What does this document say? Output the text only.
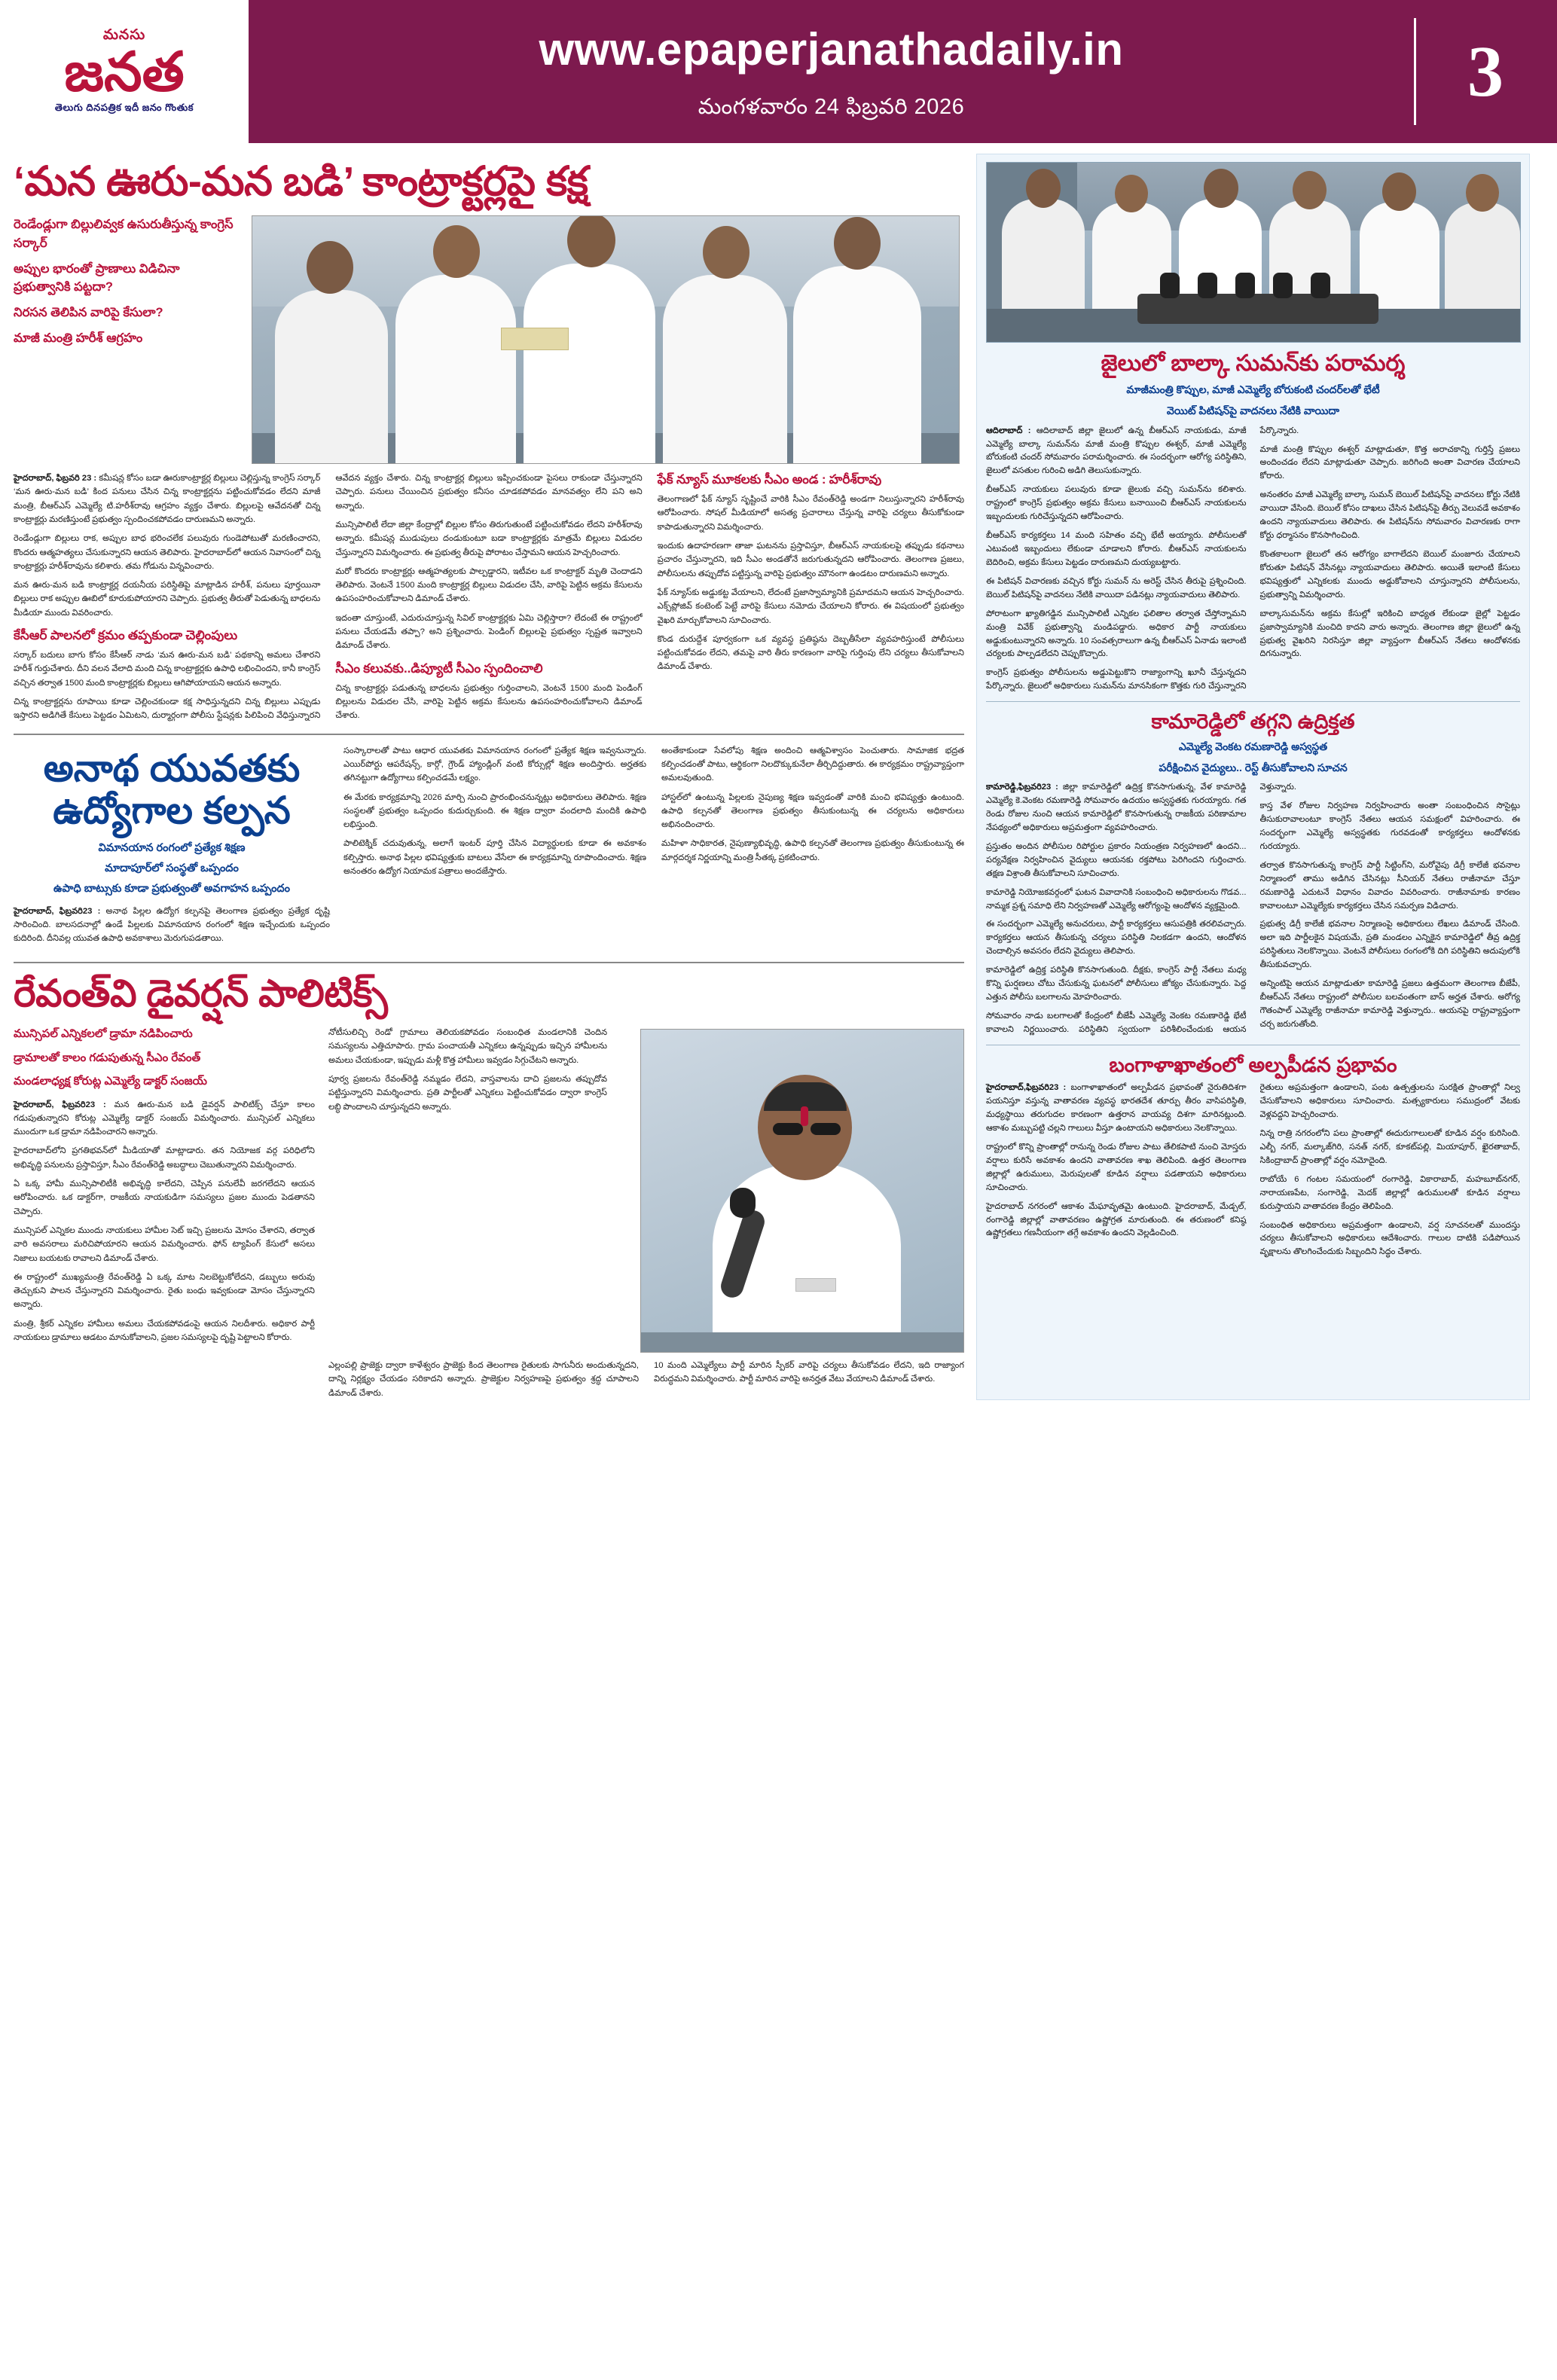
మనసు
జనత
తెలుగు దినపత్రిక ఇదీ జనం గొంతుక
www.epaperjanathadaily.in
మంగళవారం 24 ఫిబ్రవరి 2026	3
‘మన ఊరు-మన బడి’ కాంట్రాక్టర్లపై కక్ష
రెండేండ్లుగా బిల్లులివ్వక ఉసురుతీస్తున్న కాంగ్రెస్ సర్కార్
అప్పుల భారంతో ప్రాణాలు విడిచినా ప్రభుత్వానికి పట్టదా?
నిరసన తెలిపిన వారిపై కేసులా?
మాజీ మంత్రి హరీశ్ ఆగ్రహం

హైదరాబాద్, ఫిబ్రవరి 23 : కమీషన్ల కోసం బడా ఊరుకాంట్రాక్టర్ల బిల్లులు చెల్లిస్తున్న కాంగ్రెస్ సర్కార్ ‘మన ఊరు-మన బడి’ కింద పనులు చేసిన చిన్న కాంట్రాక్టర్లను పట్టించుకోవడం లేదని మాజీ మంత్రి, బీఆర్‌ఎస్ ఎమ్మెల్యే టి.హరీశ్‌రావు ఆగ్రహం వ్యక్తం చేశారు. బిల్లులపై ఆవేదనతో చిన్న కాంట్రాక్టర్లు మరణిస్తుంటే ప్రభుత్వం స్పందించకపోవడం దారుణమని అన్నారు.

రెండేండ్లుగా బిల్లులు రాక, అప్పుల బాధ భరించలేక పలువురు గుండెపోటుతో మరణించారని, కొందరు ఆత్మహత్యలు చేసుకున్నారని ఆయన తెలిపారు. హైదరాబాద్‌లో ఆయన నివాసంలో చిన్న కాంట్రాక్టర్లు హరీశ్‌రావును కలిశారు. తమ గోడును విన్నవించారు.

మన ఊరు-మన బడి కాంట్రాక్టర్ల దయనీయ పరిస్థితిపై మాట్లాడిన హరీశ్, పనులు పూర్తయినా బిల్లులు రాక అప్పుల ఊబిలో కూరుకుపోయారని చెప్పారు. ప్రభుత్వ తీరుతో పెడుతున్న బాధలను మీడియా ముందు వివరించారు.

కేసీఆర్ పాలనలో క్రమం తప్పకుండా చెల్లింపులు

సర్కార్ బదులు బాగు కోసం కేసీఆర్ నాడు ‘మన ఊరు-మన బడి’ పథకాన్ని అమలు చేశారని హరీశ్ గుర్తుచేశారు. దీని వలన వేలాది మంది చిన్న కాంట్రాక్టర్లకు ఉపాధి లభించిందని, కానీ కాంగ్రెస్ వచ్చిన తర్వాత 1500 మంది కాంట్రాక్టర్లకు బిల్లులు ఆగిపోయాయని ఆయన అన్నారు.

చిన్న కాంట్రాక్టర్లను రూపాయి కూడా చెల్లించకుండా కక్ష సాధిస్తున్నదని చిన్న బిల్లులు ఎప్పుడు ఇస్తారని అడిగితే కేసులు పెట్టడం ఏమిటని, దుర్మార్గంగా పోలీసు స్టేషన్లకు పిలిపించి వేధిస్తున్నారని ఆవేదన వ్యక్తం చేశారు. చిన్న కాంట్రాక్టర్ల బిల్లులు ఇప్పించకుండా పైసలు రాకుండా చేస్తున్నారని చెప్పారు. పనులు చేయించిన ప్రభుత్వం కనీసం చూడకపోవడం మానవత్వం లేని పని అని అన్నారు.

మున్సిపాలిటీ లేదా జిల్లా కేంద్రాల్లో బిల్లుల కోసం తిరుగుతుంటే పట్టించుకోవడం లేదని హరీశ్‌రావు అన్నారు. కమీషన్ల ముడుపులు దండుకుంటూ బడా కాంట్రాక్టర్లకు మాత్రమే బిల్లులు విడుదల చేస్తున్నారని విమర్శించారు. ఈ ప్రభుత్వ తీరుపై పోరాటం చేస్తామని ఆయన హెచ్చరించారు.

మరో కొందరు కాంట్రాక్టర్లు ఆత్మహత్యలకు పాల్పడ్డారని, ఇటీవల ఒక కాంట్రాక్టర్ మృతి చెందాడని తెలిపారు. వెంటనే 1500 మంది కాంట్రాక్టర్ల బిల్లులు విడుదల చేసి, వారిపై పెట్టిన అక్రమ కేసులను ఉపసంహరించుకోవాలని డిమాండ్ చేశారు.

ఇదంతా చూస్తుంటే, ఎదురుచూస్తున్న సివిల్ కాంట్రాక్టర్లకు ఏమి చెల్లిస్తారా? లేదంటే ఈ రాష్ట్రంలో పనులు చేయడమే తప్పా? అని ప్రశ్నించారు. పెండింగ్ బిల్లులపై ప్రభుత్వం స్పష్టత ఇవ్వాలని డిమాండ్ చేశారు.

సీఎం కలువకు..డిప్యూటీ సీఎం స్పందించాలి

చిన్న కాంట్రాక్టర్లు పడుతున్న బాధలను ప్రభుత్వం గుర్తించాలని, వెంటనే 1500 మంది పెండింగ్ బిల్లులను విడుదల చేసి, వారిపై పెట్టిన అక్రమ కేసులను ఉపసంహరించుకోవాలని డిమాండ్ చేశారు.

ఫేక్ న్యూస్ మూకలకు సీఎం అండ : హరీశ్‌రావు

తెలంగాణలో ఫేక్ న్యూస్ సృష్టించే వారికి సీఎం రేవంత్‌రెడ్డి అండగా నిలుస్తున్నారని హరీశ్‌రావు ఆరోపించారు. సోషల్ మీడియాలో అసత్య ప్రచారాలు చేస్తున్న వారిపై చర్యలు తీసుకోకుండా కాపాడుతున్నారని విమర్శించారు.

ఇందుకు ఉదాహరణగా తాజా ఘటనను ప్రస్తావిస్తూ, బీఆర్‌ఎస్ నాయకులపై తప్పుడు కథనాలు ప్రచారం చేస్తున్నారని, ఇది సీఎం అండతోనే జరుగుతున్నదని ఆరోపించారు. తెలంగాణ ప్రజలు, పోలీసులను తప్పుదోవ పట్టిస్తున్న వారిపై ప్రభుత్వం మౌనంగా ఉండటం దారుణమని అన్నారు.

ఫేక్ న్యూస్‌కు అడ్డుకట్ట వేయాలని, లేదంటే ప్రజాస్వామ్యానికి ప్రమాదమని ఆయన హెచ్చరించారు. ఎక్స్‌ప్లోజివ్ కంటెంట్ పెట్టే వారిపై కేసులు నమోదు చేయాలని కోరారు. ఈ విషయంలో ప్రభుత్వం వైఖరి మార్చుకోవాలని సూచించారు.

కొండ దురుద్దేశ పూర్వకంగా ఒక వ్యవస్థ ప్రతిష్ఠను దెబ్బతీసేలా వ్యవహరిస్తుంటే పోలీసులు పట్టించుకోవడం లేదని, తమపై వారి తీరు కారణంగా వారిపై గుర్తింపు లేని చర్యలు తీసుకోవాలని డిమాండ్ చేశారు.

అనాథ యువతకు ఉద్యోగాల కల్పన
విమానయాన రంగంలో ప్రత్యేక శిక్షణ
మాదాపూర్‌లో సంస్థతో ఒప్పందం
ఉపాధి బాట్సుకు కూడా ప్రభుత్వంతో అవగాహన ఒప్పందం

హైదరాబాద్, ఫిబ్రవరి23 : అనాథ పిల్లల ఉద్యోగ కల్పనపై తెలంగాణ ప్రభుత్వం ప్రత్యేక దృష్టి సారించింది. బాలసదనాల్లో ఉండే పిల్లలకు విమానయాన రంగంలో శిక్షణ ఇచ్చేందుకు ఒప్పందం కుదిరింది. దీనివల్ల యువత ఉపాధి అవకాశాలు మెరుగుపడతాయి.

సంస్కారాలతో పాటు ఆధార యువతకు విమానయాన రంగంలో ప్రత్యేక శిక్షణ ఇవ్వనున్నారు. ఎయిర్‌పోర్టు ఆపరేషన్స్, కార్గో, గ్రౌండ్ హ్యాండ్లింగ్ వంటి కోర్సుల్లో శిక్షణ అందిస్తారు. అర్హతకు తగినట్టుగా ఉద్యోగాలు కల్పించడమే లక్ష్యం.

ఈ మేరకు కార్యక్రమాన్ని 2026 మార్చి నుంచి ప్రారంభించనున్నట్లు అధికారులు తెలిపారు. శిక్షణ సంస్థలతో ప్రభుత్వం ఒప్పందం కుదుర్చుకుంది. ఈ శిక్షణ ద్వారా వందలాది మందికి ఉపాధి లభిస్తుంది.

పాలిటెక్నిక్ చదువుతున్న, అలాగే ఇంటర్ పూర్తి చేసిన విద్యార్థులకు కూడా ఈ అవకాశం కల్పిస్తారు. అనాథ పిల్లల భవిష్యత్తుకు బాటలు వేసేలా ఈ కార్యక్రమాన్ని రూపొందించారు. శిక్షణ అనంతరం ఉద్యోగ నియామక పత్రాలు అందజేస్తారు.

అంతేకాకుండా సేవలోపు శిక్షణ అందించి ఆత్మవిశ్వాసం పెంచుతారు. సామాజిక భద్రత కల్పించడంతో పాటు, ఆర్థికంగా నిలదొక్కుకునేలా తీర్చిదిద్దుతారు. ఈ కార్యక్రమం రాష్ట్రవ్యాప్తంగా అమలవుతుంది.

హాస్టల్‌లో ఉంటున్న పిల్లలకు నైపుణ్య శిక్షణ ఇవ్వడంతో వారికి మంచి భవిష్యత్తు ఉంటుంది. ఉపాధి కల్పనతో తెలంగాణ ప్రభుత్వం తీసుకుంటున్న ఈ చర్యలను అధికారులు అభినందించారు.

మహిళా సాధికారత, నైపుణ్యాభివృద్ధి, ఉపాధి కల్పనతో తెలంగాణ ప్రభుత్వం తీసుకుంటున్న ఈ మార్గదర్శక నిర్ణయాన్ని మంత్రి సీతక్క ప్రకటించారు.

రేవంత్‌వి డైవర్షన్ పాలిటిక్స్
మున్సిపల్ ఎన్నికలలో డ్రామా నడిపించారు
డ్రామాలతో కాలం గడుపుతున్న సీఎం రేవంత్
మండలాధ్యక్ష కోరుట్ల ఎమ్మెల్యే డాక్టర్ సంజయ్

హైదరాబాద్, ఫిబ్రవరి23 : మన ఊరు-మన బడి డైవర్షన్ పాలిటిక్స్ చేస్తూ కాలం గడుపుతున్నారని కోరుట్ల ఎమ్మెల్యే డాక్టర్ సంజయ్ విమర్శించారు. మున్సిపల్ ఎన్నికలు ముందుగా ఒక డ్రామా నడిపించారని అన్నారు.

హైదరాబాద్‌లోని ప్రగతిభవన్‌లో మీడియాతో మాట్లాడారు. తన నియోజక వర్గ పరిధిలోని అభివృద్ధి పనులను ప్రస్తావిస్తూ, సీఎం రేవంత్‌రెడ్డి అబద్ధాలు చెబుతున్నారని విమర్శించారు.

ఏ ఒక్క హామీ మున్సిపాలిటీకి అభివృద్ధి కాలేదని, చెప్పిన పనులేవీ జరగలేదని ఆయన ఆరోపించారు. ఒక డాక్టర్‌గా, రాజకీయ నాయకుడిగా సమస్యలు ప్రజల ముందు పెడతానని చెప్పారు.

మున్సిపల్ ఎన్నికల ముందు నాయకులు హామీల సెట్ ఇచ్చి ప్రజలను మోసం చేశారని, తర్వాత వారి అవసరాలు మరిచిపోయారని ఆయన విమర్శించారు. ఫోన్ ట్యాపింగ్ కేసులో అసలు నిజాలు బయటకు రావాలని డిమాండ్ చేశారు.

ఈ రాష్ట్రంలో ముఖ్యమంత్రి రేవంత్‌రెడ్డి ఏ ఒక్క మాట నిలబెట్టుకోలేదని, డబ్బులు అరువు తెచ్చుకుని పాలన చేస్తున్నారని విమర్శించారు. రైతు బంధు ఇవ్వకుండా మోసం చేస్తున్నారని అన్నారు.

మంత్రి, శ్రీకర్ ఎన్నికల హామీలు అమలు చేయకపోవడంపై ఆయన నిలదీశారు. అధికార పార్టీ నాయకులు డ్రామాలు ఆడటం మానుకోవాలని, ప్రజల సమస్యలపై దృష్టి పెట్టాలని కోరారు.

నోటీసులిచ్చి రెండో గ్రామాలు తెలియకపోవడం సంబంధిత మండలానికి చెందిన సమస్యలను ఎత్తిచూపారు. గ్రామ పంచాయతీ ఎన్నికలు ఉన్నప్పుడు ఇచ్చిన హామీలను అమలు చేయకుండా, ఇప్పుడు మళ్లీ కొత్త హామీలు ఇవ్వడం సిగ్గుచేటని అన్నారు.

పూర్వ ప్రజలను రేవంత్‌రెడ్డి నమ్మడం లేదని, వాస్తవాలను దాచి ప్రజలను తప్పుదోవ పట్టిస్తున్నారని విమర్శించారు. ప్రతి పార్టీలతో ఎన్నికలు పెట్టించుకోవడం ద్వారా కాంగ్రెస్ లబ్ధి పొందాలని చూస్తున్నదని అన్నారు.

ఎల్లంపల్లి ప్రాజెక్టు ద్వారా కాళేశ్వరం ప్రాజెక్టు కింద తెలంగాణ రైతులకు సాగునీరు అందుతున్నదని, దాన్ని నిర్లక్ష్యం చేయడం సరికాదని అన్నారు. ప్రాజెక్టుల నిర్వహణపై ప్రభుత్వం శ్రద్ధ చూపాలని డిమాండ్ చేశారు.

10 మంది ఎమ్మెల్యేలు పార్టీ మారిన స్పీకర్ వారిపై చర్యలు తీసుకోవడం లేదని, ఇది రాజ్యాంగ విరుద్ధమని విమర్శించారు. పార్టీ మారిన వారిపై అనర్హత వేటు వేయాలని డిమాండ్ చేశారు.

జైలులో బాల్కా సుమన్‌కు పరామర్శ
మాజీమంత్రి కొప్పుల, మాజీ ఎమ్మెల్యే బోరుకంటి చందర్‌లతో భేటీ
వెయిట్ పిటిషన్‌పై వాదనలు నేటికి వాయిదా

ఆదిలాబాద్ : ఆదిలాబాద్ జిల్లా జైలులో ఉన్న బీఆర్‌ఎస్ నాయకుడు, మాజీ ఎమ్మెల్యే బాల్కా సుమన్‌ను మాజీ మంత్రి కొప్పుల ఈశ్వర్, మాజీ ఎమ్మెల్యే బోరుకంటి చందర్ సోమవారం పరామర్శించారు. ఈ సందర్భంగా ఆరోగ్య పరిస్థితిని, జైలులో వసతుల గురించి అడిగి తెలుసుకున్నారు.

బీఆర్‌ఎస్ నాయకులు పలువురు కూడా జైలుకు వచ్చి సుమన్‌ను కలిశారు. రాష్ట్రంలో కాంగ్రెస్ ప్రభుత్వం అక్రమ కేసులు బనాయించి బీఆర్‌ఎస్ నాయకులను ఇబ్బందులకు గురిచేస్తున్నదని ఆరోపించారు.

బీఆర్‌ఎస్ కార్యకర్తలు 14 మంది సహితం వచ్చి భేటీ అయ్యారు. పోలీసులతో ఎటువంటి ఇబ్బందులు లేకుండా చూడాలని కోరారు. బీఆర్‌ఎస్ నాయకులను బెదిరించి, అక్రమ కేసులు పెట్టడం దారుణమని దుయ్యబట్టారు.

ఈ పిటిషన్ విచారణకు వచ్చిన కోర్టు సుమన్ ను అరెస్ట్ చేసిన తీరుపై ప్రశ్నించింది. బెయిల్ పిటిషన్‌పై వాదనలు నేటికి వాయిదా పడినట్లు న్యాయవాదులు తెలిపారు.

పోరాటంగా ఖ్యాతిగడ్డిన మున్సిపాలిటీ ఎన్నికల ఫలితాల తర్వాత చేస్తోన్నామని మంత్రి వివేక్ ప్రభుత్వాన్ని మండిపడ్డారు. అధికార పార్టీ నాయకులు అడ్డుకుంటున్నారని అన్నారు. 10 సంవత్సరాలుగా ఉన్న బీఆర్‌ఎస్ ఏనాడు ఇలాంటి చర్యలకు పాల్పడలేదని చెప్పుకొచ్చారు.

కాంగ్రెస్ ప్రభుత్వం పోలీసులను అడ్డుపెట్టుకొని రాజ్యాంగాన్ని ఖూనీ చేస్తున్నదని పేర్కొన్నారు. జైలులో అధికారులు సుమన్‌ను మానసికంగా కొత్తకు గురి చేస్తున్నారని పేర్కొన్నారు.

మాజీ మంత్రి కొప్పుల ఈశ్వర్ మాట్లాడుతూ, కొత్త అరాచకాన్ని గుర్తిస్తే ప్రజలు అందించడం లేదని మాట్లాడుతూ చెప్పారు. జరిగింది అంతా విచారణ చేయాలని కోరారు.

అనంతరం మాజీ ఎమ్మెల్యే బాల్కా సుమన్ బెయిల్ పిటిషన్‌పై వాదనలు కోర్టు నేటికి వాయిదా వేసింది. బెయిల్ కోసం దాఖలు చేసిన పిటిషన్‌పై తీర్పు వెలువడే అవకాశం ఉందని న్యాయవాదులు తెలిపారు. ఈ పిటిషన్‌ను సోమవారం విచారణకు రాగా కోర్టు ధర్మాసనం కొనసాగించింది.

కొంతకాలంగా జైలులో తన ఆరోగ్యం బాగాలేదని బెయిల్ మంజూరు చేయాలని కోరుతూ పిటిషన్ వేసినట్లు న్యాయవాదులు తెలిపారు. అయితే ఇలాంటి కేసులు భవిష్యత్తులో ఎన్నికలకు ముందు అడ్డుకోవాలని చూస్తున్నారని పోలీసులను, ప్రభుత్వాన్ని విమర్శించారు.

బాల్కాసుమన్‌ను అక్రమ కేసుల్లో ఇరికించి బాధ్యత లేకుండా జైల్లో పెట్టడం ప్రజాస్వామ్యానికి మంచిది కాదని వారు అన్నారు. తెలంగాణ జిల్లా జైలులో ఉన్న ప్రభుత్వ వైఖరిని నిరసిస్తూ జిల్లా వ్యాప్తంగా బీఆర్‌ఎస్ నేతలు ఆందోళనకు దిగనున్నారు.

కామారెడ్డిలో తగ్గని ఉద్రిక్తత
ఎమ్మెల్యే వెంకట రమణారెడ్డి అస్వస్థత
పరీక్షించిన వైద్యులు.. రెస్ట్ తీసుకోవాలని సూచన

కామారెడ్డి,ఫిబ్రవరి23 : జిల్లా కామారెడ్డిలో ఉద్రిక్త కొనసాగుతున్న, వేళ కామారెడ్డి ఎమ్మెల్యే కె.వెంకట రమణారెడ్డి సోమవారం ఉదయం అస్వస్థతకు గురయ్యారు. గత రెండు రోజుల నుంచి ఆయన కామారెడ్డిలో కొనసాగుతున్న రాజకీయ పరిణామాల నేపథ్యంలో అధికారులు అప్రమత్తంగా వ్యవహరించారు.

ప్రస్తుతం అందిన పోలీసుల రిపోర్టుల ప్రకారం నియంత్రణ నిర్వహణలో ఉందని... పర్యవేక్షణ నిర్వహించిన వైద్యులు ఆయనకు రక్తపోటు పెరిగిందని గుర్తించారు. తక్షణ విశ్రాంతి తీసుకోవాలని సూచించారు.

కామారెడ్డి నియోజకవర్గంలో ఘటన వివాదానికి సంబంధించి అధికారులను గొడవ... నామ్మక ప్రశ్న సమాధి లేని నిర్వహణతో ఎమ్మెల్యే ఆరోగ్యంపై ఆందోళన వ్యక్తమైంది.

ఈ సందర్భంగా ఎమ్మెల్యే అనుచరులు, పార్టీ కార్యకర్తలు ఆసుపత్రికి తరలివచ్చారు. కార్యకర్తలు ఆయన తీసుకున్న చర్యలు పరిస్థితి నిలకడగా ఉందని, ఆందోళన చెందాల్సిన అవసరం లేదని వైద్యులు తెలిపారు.

కామారెడ్డిలో ఉద్రిక్త పరిస్థితి కొనసాగుతుంది. దీక్షకు, కాంగ్రెస్ పార్టీ నేతలు మధ్య కొన్ని ఘర్షణలు చోటు చేసుకున్న ఘటనలో పోలీసులు జోక్యం చేసుకున్నారు. పెద్ద ఎత్తున పోలీసు బలగాలను మోహరించారు.

సోమవారం నాడు బలగాలతో కేంద్రంలో బీజేపీ ఎమ్మెల్యే వెంకట రమణారెడ్డి భేటీ కావాలని నిర్ణయించారు. పరిస్థితిని స్వయంగా పరిశీలించేందుకు ఆయన వెళ్తున్నారు.

కాస్త వేళ రోజుల నిర్వహణ నిర్వహించారు అంతా సంబంధించిన సొసైట్లు తీసుకురావాలంటూ కాంగ్రెస్ నేతలు ఆయన సమక్షంలో విహరించారు. ఈ సందర్భంగా ఎమ్మెల్యే అస్వస్థతకు గురవడంతో కార్యకర్తలు ఆందోళనకు గురయ్యారు.

తర్వాత కొనసాగుతున్న కాంగ్రెస్ పార్టీ సిట్టింగ్‌ని, మరోవైపు డిగ్రీ కాలేజీ భవనాల నిర్మాణంలో తాము అడిగిన చేసినట్లు సీనియర్ నేతలు రాజీనామా చేస్తూ రమణారెడ్డి ఎదుటనే విధానం వివాదం వివరించారు. రాజీనామాకు కారణం కావాలంటూ ఎమ్మెల్యేకు కార్యకర్తలు చేసిన సమర్పణ విడిచారు.

ప్రభుత్వ డిగ్రీ కాలేజీ భవనాల నిర్మాణంపై అధికారులు లేఖలు డిమాండ్ చేసింది. అలా ఇది పార్టీలకైన విషయమే, ప్రతి మండలం ఎన్నికైన కామారెడ్డిలో తీవ్ర ఉద్రిక్త పరిస్థితులు నెలకొన్నాయి. వెంటనే పోలీసులు రంగంలోకి దిగి పరిస్థితిని అదుపులోకి తీసుకువచ్చారు.

అన్నింటిపై ఆయన మాట్లాడుతూ కామారెడ్డి ప్రజలు ఉత్తమంగా తెలంగాణ బీజేపీ, బీఆర్‌ఎస్ నేతలు రాష్ట్రంలో పోలీసుల బలవంతంగా బాస్ అర్హత చేశారు. అరోగ్య గౌతంపాల్ ఎమ్మెల్యే రాజీనామా కామారెడ్డి వెళ్తున్నారు.. ఆయనపై రాష్ట్రవ్యాప్తంగా చర్చ జరుగుతోంది.

బంగాళాఖాతంలో అల్పపీడన ప్రభావం

హైదరాబాద్,ఫిబ్రవరి23 : బంగాళాఖాతంలో అల్పపీడన ప్రభావంతో నైరుతిదిశగా పయనిస్తూ వస్తున్న వాతావరణ వ్యవస్థ భారతదేశ తూర్పు తీరం వాసిపరిస్థితి, మధ్యస్థాయి తరుగుదల కారణంగా ఉత్తరాన వాయవ్య దిశగా మారినట్లుంది. ఆకాశం మబ్బుపట్టి చల్లని గాలులు వీస్తూ ఉంటాయని అధికారులు నెలకొన్నాయి.

రాష్ట్రంలో కొన్ని ప్రాంతాల్లో రానున్న రెండు రోజుల పాటు తేలికపాటి నుంచి మోస్తరు వర్షాలు కురిసే అవకాశం ఉందని వాతావరణ శాఖ తెలిపింది. ఉత్తర తెలంగాణ జిల్లాల్లో ఉరుములు, మెరుపులతో కూడిన వర్షాలు పడతాయని అధికారులు సూచించారు.

హైదరాబాద్ నగరంలో ఆకాశం మేఘావృతమై ఉంటుంది. హైదరాబాద్, మేడ్చల్, రంగారెడ్డి జిల్లాల్లో వాతావరణం ఉష్ణోగ్రత మారుతుంది. ఈ తరుణంలో కనిష్ఠ ఉష్ణోగ్రతలు గణనీయంగా తగ్గే అవకాశం ఉందని వెల్లడించింది.

రైతులు అప్రమత్తంగా ఉండాలని, పంట ఉత్పత్తులను సురక్షిత ప్రాంతాల్లో నిల్వ చేసుకోవాలని అధికారులు సూచించారు. మత్స్యకారులు సముద్రంలో వేటకు వెళ్లవద్దని హెచ్చరించారు.

నిన్న రాత్రి నగరంలోని పలు ప్రాంతాల్లో ఈదురుగాలులతో కూడిన వర్షం కురిసింది. ఎల్బీ నగర్, మల్కాజ్‌గిరి, సనత్ నగర్, కూకట్‌పల్లి, మియాపూర్, ఖైరతాబాద్, సికింద్రాబాద్ ప్రాంతాల్లో వర్షం నమోదైంది.

రాబోయే 6 గంటల సమయంలో రంగారెడ్డి, వికారాబాద్, మహబూబ్‌నగర్, నారాయణపేట, సంగారెడ్డి, మెదక్ జిల్లాల్లో ఉరుములతో కూడిన వర్షాలు కురుస్తాయని వాతావరణ కేంద్రం తెలిపింది.

సంబంధిత అధికారులు అప్రమత్తంగా ఉండాలని, వర్ష సూచనలతో ముందస్తు చర్యలు తీసుకోవాలని అధికారులు ఆదేశించారు. గాలుల దాటికి పడిపోయిన వృక్షాలను తొలగించేందుకు సిబ్బందిని సిద్ధం చేశారు.
